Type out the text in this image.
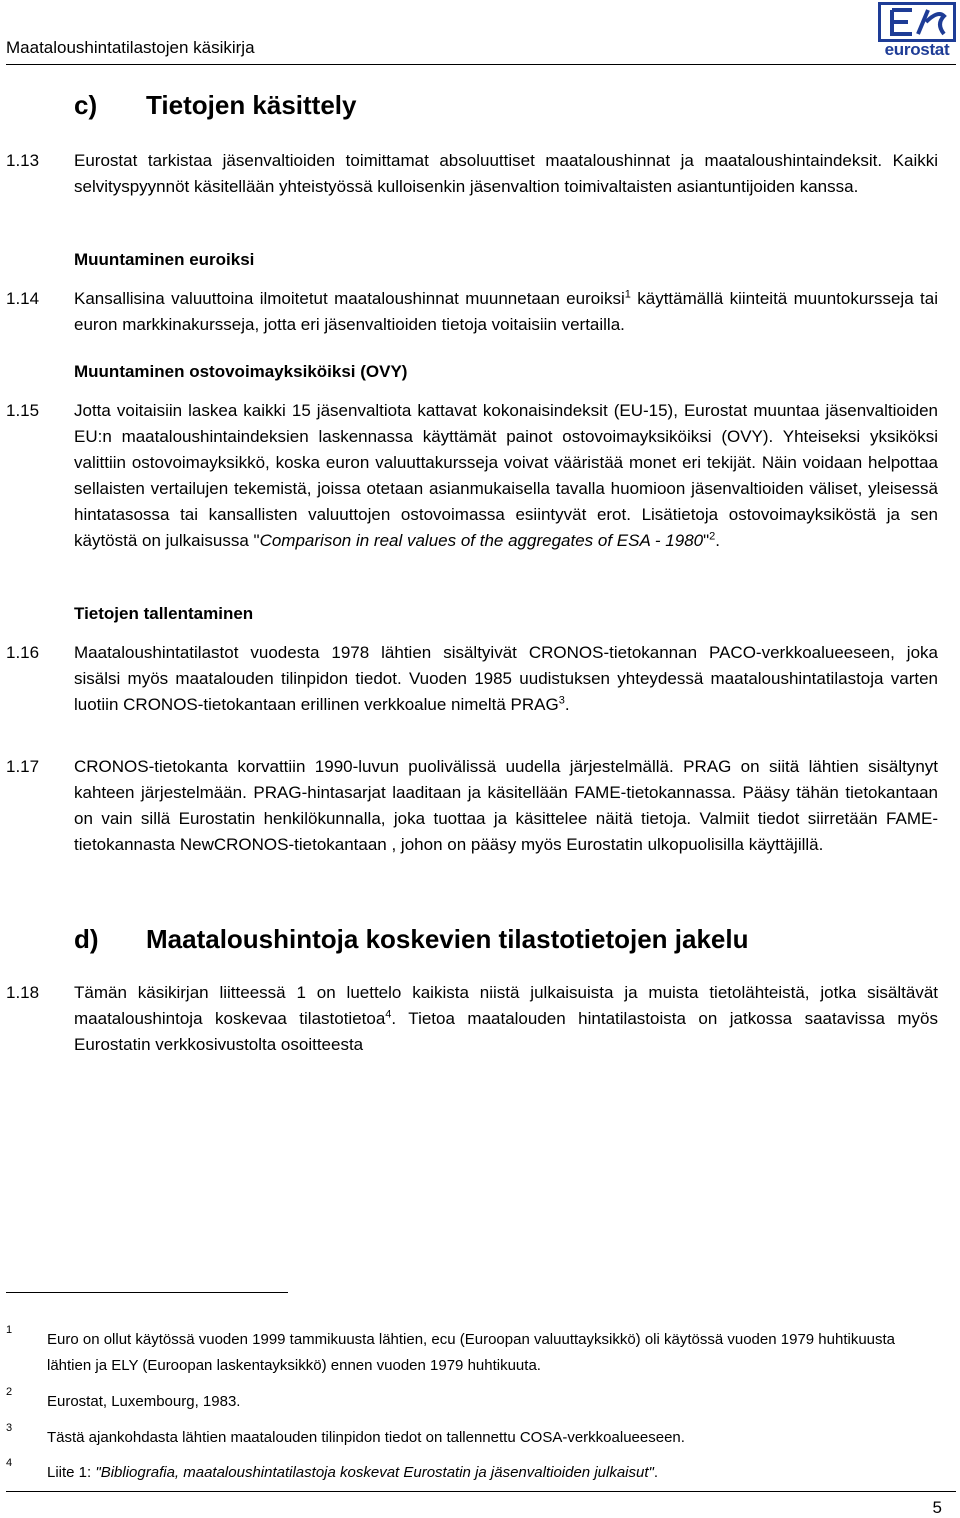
Maataloushintatilastojen käsikirja	eurostat
c) Tietojen käsittely
1.13 Eurostat tarkistaa jäsenvaltioiden toimittamat absoluuttiset maataloushinnat ja maataloushintaindeksit. Kaikki selvityspyynnöt käsitellään yhteistyössä kulloisenkin jäsenvaltion toimivaltaisten asiantuntijoiden kanssa.
Muuntaminen euroiksi
1.14 Kansallisina valuuttoina ilmoitetut maataloushinnat muunnetaan euroiksi$^1$ käyttämällä kiinteitä muuntokursseja tai euron markkinakursseja, jotta eri jäsenvaltioiden tietoja voitaisiin vertailla.
Muuntaminen ostovoimayksiköiksi (OVY)
1.15 Jotta voitaisiin laskea kaikki 15 jäsenvaltiota kattavat kokonaisindeksit (EU-15), Eurostat muuntaa jäsenvaltioiden EU:n maataloushintaindeksien laskennassa käyttämät painot ostovoimayksiköiksi (OVY). Yhteiseksi yksiköksi valittiin ostovoimayksikkö, koska euron valuuttakursseja voivat vääristää monet eri tekijät. Näin voidaan helpottaa sellaisten vertailujen tekemistä, joissa otetaan asianmukaisella tavalla huomioon jäsenvaltioiden väliset, yleisessä hintatasossa tai kansallisten valuuttojen ostovoimassa esiintyvät erot. Lisätietoja ostovoimayksiköstä ja sen käytöstä on julkaisussa "Comparison in real values of the aggregates of ESA - 1980"$^2$.
Tietojen tallentaminen
1.16 Maataloushintatilastot vuodesta 1978 lähtien sisältyivät CRONOS-tietokannan PACO-verkkoalueeseen, joka sisälsi myös maatalouden tilinpidon tiedot. Vuoden 1985 uudistuksen yhteydessä maataloushintatilastoja varten luotiin CRONOS-tietokantaan erillinen verkkoalue nimeltä PRAG$^3$.
1.17 CRONOS-tietokanta korvattiin 1990-luvun puolivälissä uudella järjestelmällä. PRAG on siitä lähtien sisältynyt kahteen järjestelmään. PRAG-hintasarjat laaditaan ja käsitellään FAME-tietokannassa. Pääsy tähän tietokantaan on vain sillä Eurostatin henkilökunnalla, joka tuottaa ja käsittelee näitä tietoja. Valmiit tiedot siirretään FAME-tietokannasta NewCRONOS-tietokantaan , johon on pääsy myös Eurostatin ulkopuolisilla käyttäjillä.
d) Maataloushintoja koskevien tilastotietojen jakelu
1.18 Tämän käsikirjan liitteessä 1 on luettelo kaikista niistä julkaisuista ja muista tietolähteistä, jotka sisältävät maataloushintoja koskevaa tilastotietoa$^4$. Tietoa maatalouden hintatilastoista on jatkossa saatavissa myös Eurostatin verkkosivustolta osoitteesta
1
Euro on ollut käytössä vuoden 1999 tammikuusta lähtien, ecu (Euroopan valuuttayksikkö) oli käytössä vuoden 1979 huhtikuusta lähtien ja ELY (Euroopan laskentayksikkö) ennen vuoden 1979 huhtikuuta.
2
Eurostat, Luxembourg, 1983.
3
Tästä ajankohdasta lähtien maatalouden tilinpidon tiedot on tallennettu COSA-verkkoalueeseen.
4
Liite 1: "Bibliografia, maataloushintatilastoja koskevat Eurostatin ja jäsenvaltioiden julkaisut".
5
